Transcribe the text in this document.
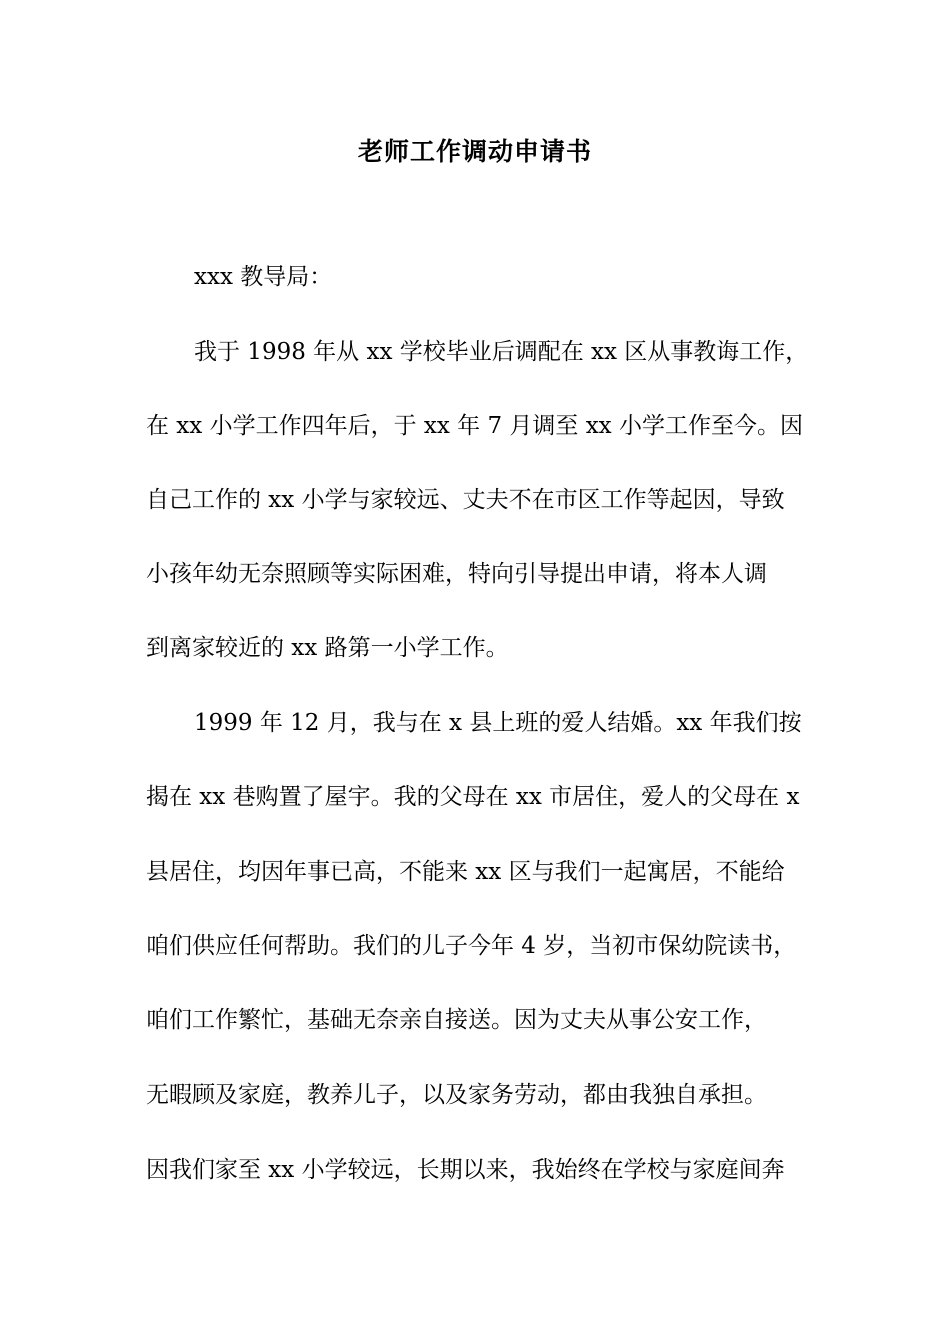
老师工作调动申请书
xxx 教导局：
我于 1998 年从 xx 学校毕业后调配在 xx 区从事教诲工作，
在 xx 小学工作四年后，于 xx 年 7 月调至 xx 小学工作至今。因
自己工作的 xx 小学与家较远、丈夫不在市区工作等起因，导致
小孩年幼无奈照顾等实际困难，特向引导提出申请，将本人调
到离家较近的 xx 路第一小学工作。
1999 年 12 月，我与在 x 县上班的爱人结婚。xx 年我们按
揭在 xx 巷购置了屋宇。我的父母在 xx 市居住，爱人的父母在 x
县居住，均因年事已高，不能来 xx 区与我们一起寓居，不能给
咱们供应任何帮助。我们的儿子今年 4 岁，当初市保幼院读书，
咱们工作繁忙，基础无奈亲自接送。因为丈夫从事公安工作，
无暇顾及家庭，教养儿子，以及家务劳动，都由我独自承担。
因我们家至 xx 小学较远，长期以来，我始终在学校与家庭间奔
